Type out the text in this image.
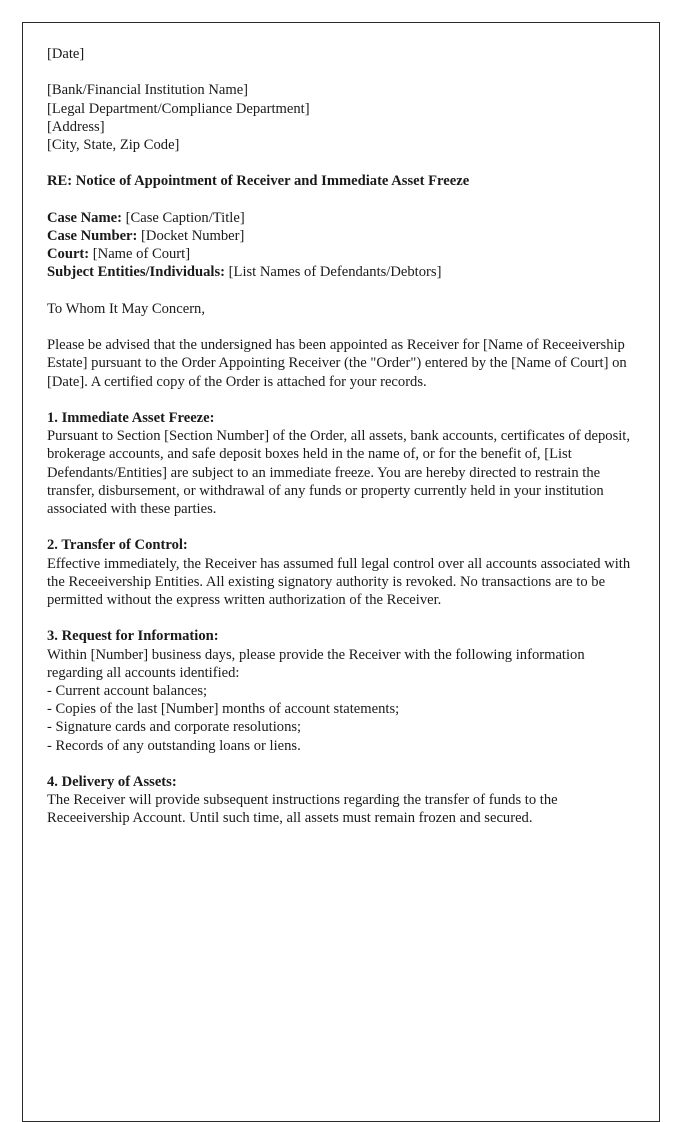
[Date]
[Bank/Financial Institution Name]
[Legal Department/Compliance Department]
[Address]
[City, State, Zip Code]
RE: Notice of Appointment of Receiver and Immediate Asset Freeze
Case Name: [Case Caption/Title]
Case Number: [Docket Number]
Court: [Name of Court]
Subject Entities/Individuals: [List Names of Defendants/Debtors]
To Whom It May Concern,

Please be advised that the undersigned has been appointed as Receiver for [Name of Receeivership Estate] pursuant to the Order Appointing Receiver (the "Order") entered by the [Name of Court] on [Date]. A certified copy of the Order is attached for your records.

1. Immediate Asset Freeze:

Pursuant to Section [Section Number] of the Order, all assets, bank accounts, certificates of deposit, brokerage accounts, and safe deposit boxes held in the name of, or for the benefit of, [List Defendants/Entities] are subject to an immediate freeze. You are hereby directed to restrain the transfer, disbursement, or withdrawal of any funds or property currently held in your institution associated with these parties.

2. Transfer of Control:

Effective immediately, the Receiver has assumed full legal control over all accounts associated with the Receeivership Entities. All existing signatory authority is revoked. No transactions are to be permitted without the express written authorization of the Receiver.

3. Request for Information:

Within [Number] business days, please provide the Receiver with the following information regarding all accounts identified:

- Current account balances;
- Copies of the last [Number] months of account statements;
- Signature cards and corporate resolutions;
- Records of any outstanding loans or liens.
4. Delivery of Assets:

The Receiver will provide subsequent instructions regarding the transfer of funds to the Receeivership Account. Until such time, all assets must remain frozen and secured.
